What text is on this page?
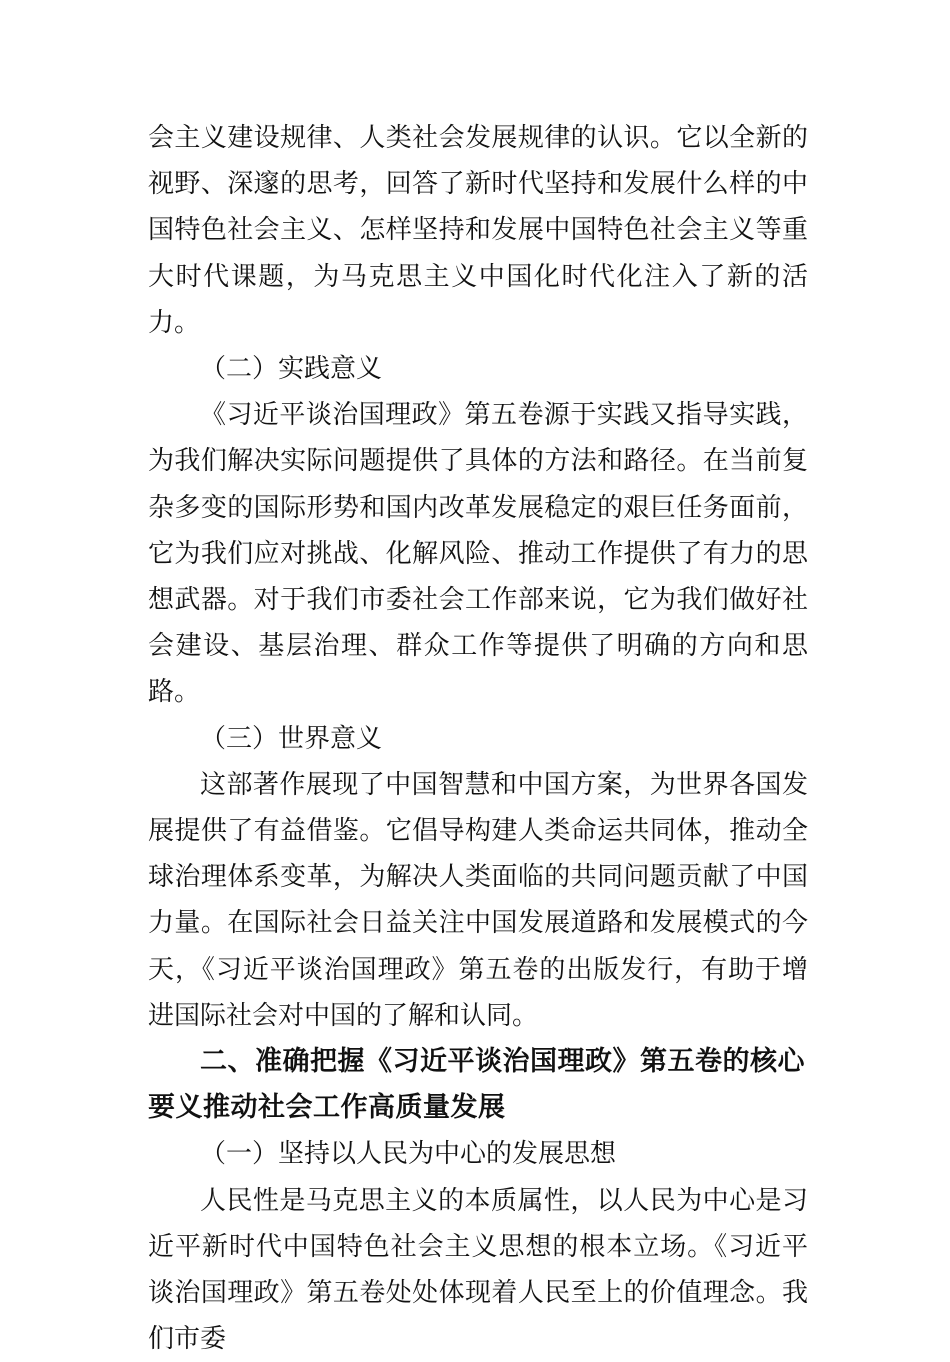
会主义建设规律、人类社会发展规律的认识。它以全新的视野、深邃的思考，回答了新时代坚持和发展什么样的中国特色社会主义、怎样坚持和发展中国特色社会主义等重大时代课题，为马克思主义中国化时代化注入了新的活力。

（二）实践意义

《习近平谈治国理政》第五卷源于实践又指导实践，为我们解决实际问题提供了具体的方法和路径。在当前复杂多变的国际形势和国内改革发展稳定的艰巨任务面前，它为我们应对挑战、化解风险、推动工作提供了有力的思想武器。对于我们市委社会工作部来说，它为我们做好社会建设、基层治理、群众工作等提供了明确的方向和思路。

（三）世界意义

这部著作展现了中国智慧和中国方案，为世界各国发展提供了有益借鉴。它倡导构建人类命运共同体，推动全球治理体系变革，为解决人类面临的共同问题贡献了中国力量。在国际社会日益关注中国发展道路和发展模式的今天，《习近平谈治国理政》第五卷的出版发行，有助于增进国际社会对中国的了解和认同。

二、准确把握《习近平谈治国理政》第五卷的核心要义推动社会工作高质量发展

（一）坚持以人民为中心的发展思想

人民性是马克思主义的本质属性，以人民为中心是习近平新时代中国特色社会主义思想的根本立场。《习近平谈治国理政》第五卷处处体现着人民至上的价值理念。我们市委
